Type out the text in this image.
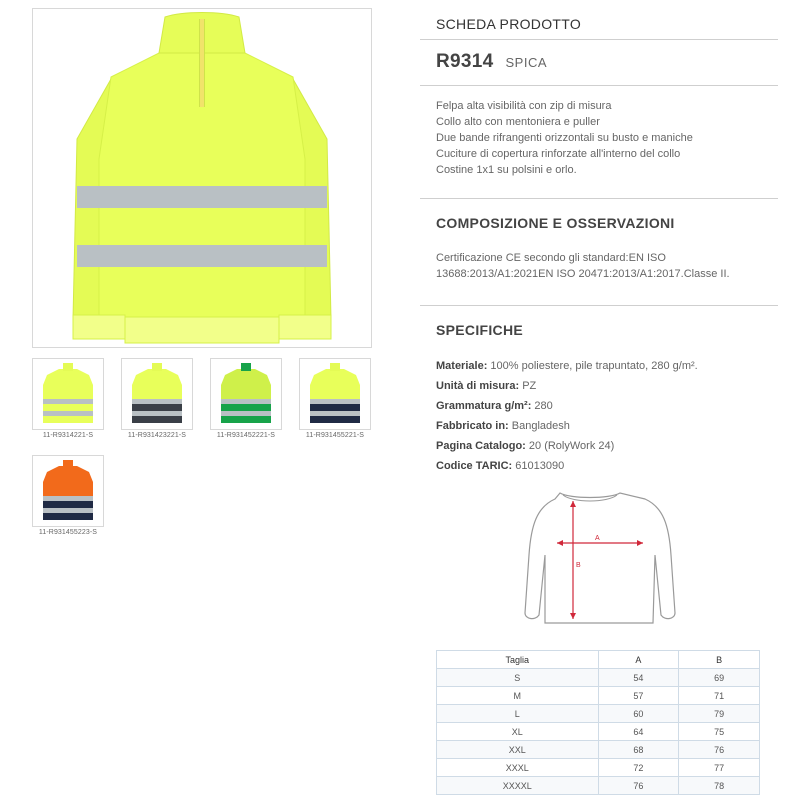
11-R9314221-S	11-R931423221-S	11-R931452221-S	11-R931455221-S
11-R931455223-S
SCHEDA PRODOTTO
R9314 SPICA
Felpa alta visibilità con zip di misura
Collo alto con mentoniera e puller
Due bande rifrangenti orizzontali su busto e maniche
Cuciture di copertura rinforzate all'interno del collo
Costine 1x1 su polsini e orlo.
COMPOSIZIONE E OSSERVAZIONI
Certificazione CE secondo gli standard:EN ISO 13688:2013/A1:2021EN ISO 20471:2013/A1:2017.Classe II.
SPECIFICHE
Materiale: 100% poliestere, pile trapuntato, 280 g/m².
Unità di misura: PZ
Grammatura g/m²: 280
Fabbricato in: Bangladesh
Pagina Catalogo: 20 (RolyWork 24)
Codice TARIC: 61013090
A
B
Taglia	A	B
S	54	69
M	57	71
L	60	79
XL	64	75
XXL	68	76
XXXL	72	77
XXXXL	76	78
